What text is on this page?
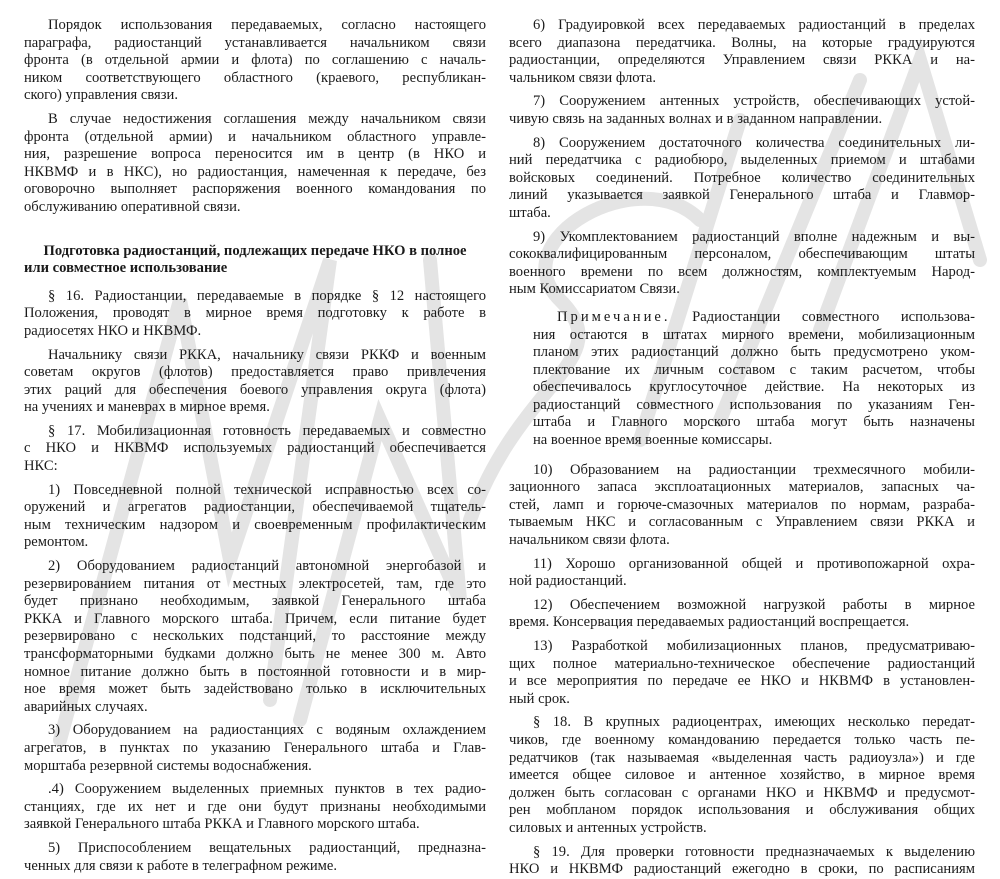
Порядок использования передаваемых, согласно настоящего
параграфа, радиостанций устанавливается начальником связи
фронта (в отдельной армии и флота) по соглашению с началь-
ником соответствующего областного (краевого, республикан-
ского) управления связи.
В случае недостижения соглашения между начальником связи
фронта (отдельной армии) и начальником областного управле-
ния, разрешение вопроса переносится им в центр (в НКО и
НКВМФ и в НКС), но радиостанция, намеченная к передаче, без
оговорочно выполняет распоряжения военного командования по
обслуживанию оперативной связи.
Подготовка радиостанций, подлежащих передаче НКО в полное
или совместное использование
§ 16. Радиостанции, передаваемые в порядке § 12 настоящего
Положения, проводят в мирное время подготовку к работе в
радиосетях НКО и НКВМФ.
Начальнику связи РККА, начальнику связи РККФ и военным
советам округов (флотов) предоставляется право привлечения
этих раций для обеспечения боевого управления округа (флота)
на учениях и маневрах в мирное время.
§ 17. Мобилизационная готовность передаваемых и совместно
с НКО и НКВМФ используемых радиостанций обеспечивается
НКС:
1) Повседневной полной технической исправностью всех со-
оружений и агрегатов радиостанции, обеспечиваемой тщатель-
ным техническим надзором и своевременным профилактическим
ремонтом.
2) Оборудованием радиостанций автономной энергобазой и
резервированием питания от местных электросетей, там, где это
будет признано необходимым, заявкой Генерального штаба
РККА и Главного морского штаба. Причем, если питание будет
резервировано с нескольких подстанций, то расстояние между
трансформаторными будками должно быть не менее 300 м. Авто
номное питание должно быть в постоянной готовности и в мир-
ное время может быть задействовано только в исключительных
аварийных случаях.
3) Оборудованием на радиостанциях с водяным охлаждением
агрегатов, в пунктах по указанию Генерального штаба и Глав-
морштаба резервной системы водоснабжения.
.4) Сооружением выделенных приемных пунктов в тех радио-
станциях, где их нет и где они будут признаны необходимыми
заявкой Генерального штаба РККА и Главного морского штаба.
5) Приспособлением вещательных радиостанций, предназна-
ченных для связи к работе в телеграфном режиме.
6) Градуировкой всех передаваемых радиостанций в пределах
всего диапазона передатчика. Волны, на которые градуируются
радиостанции, определяются Управлением связи РККА и на-
чальником связи флота.
7) Сооружением антенных устройств, обеспечивающих устой-
чивую связь на заданных волнах и в заданном направлении.
8) Сооружением достаточного количества соединительных ли-
ний передатчика с радиобюро, выделенных приемом и штабами
войсковых соединений. Потребное количество соединительных
линий указывается заявкой Генерального штаба и Главмор-
штаба.
9) Укомплектованием радиостанций вполне надежным и вы-
сококвалифицированным персоналом, обеспечивающим штаты
военного времени по всем должностям, комплектуемым Народ-
ным Комиссариатом Связи.
Примечание. Радиостанции совместного использова-
ния остаются в штатах мирного времени, мобилизационным
планом этих радиостанций должно быть предусмотрено уком-
плектование их личным составом с таким расчетом, чтобы
обеспечивалось круглосуточное действие. На некоторых из
радиостанций совместного использования по указаниям Ген-
штаба и Главного морского штаба могут быть назначены
на военное время военные комиссары.
10) Образованием на радиостанции трехмесячного мобили-
зационного запаса эксплоатационных материалов, запасных ча-
стей, ламп и горюче-смазочных материалов по нормам, разраба-
тываемым НКС и согласованным с Управлением связи РККА и
начальником связи флота.
11) Хорошо организованной общей и противопожарной охра-
ной радиостанций.
12) Обеспечением возможной нагрузкой работы в мирное
время. Консервация передаваемых радиостанций воспрещается.
13) Разработкой мобилизационных планов, предусматриваю-
щих полное материально-техническое обеспечение радиостанций
и все мероприятия по передаче ее НКО и НКВМФ в установлен-
ный срок.
§ 18. В крупных радиоцентрах, имеющих несколько передат-
чиков, где военному командованию передается только часть пе-
редатчиков (так называемая «выделенная часть радиоузла») и где
имеется общее силовое и антенное хозяйство, в мирное время
должен быть согласован с органами НКО и НКВМФ и предусмот-
рен мобпланом порядок использования и обслуживания общих
силовых и антенных устройств.
§ 19. Для проверки готовности предназначаемых к выделению
НКО и НКВМФ радиостанций ежегодно в сроки, по расписаниям
